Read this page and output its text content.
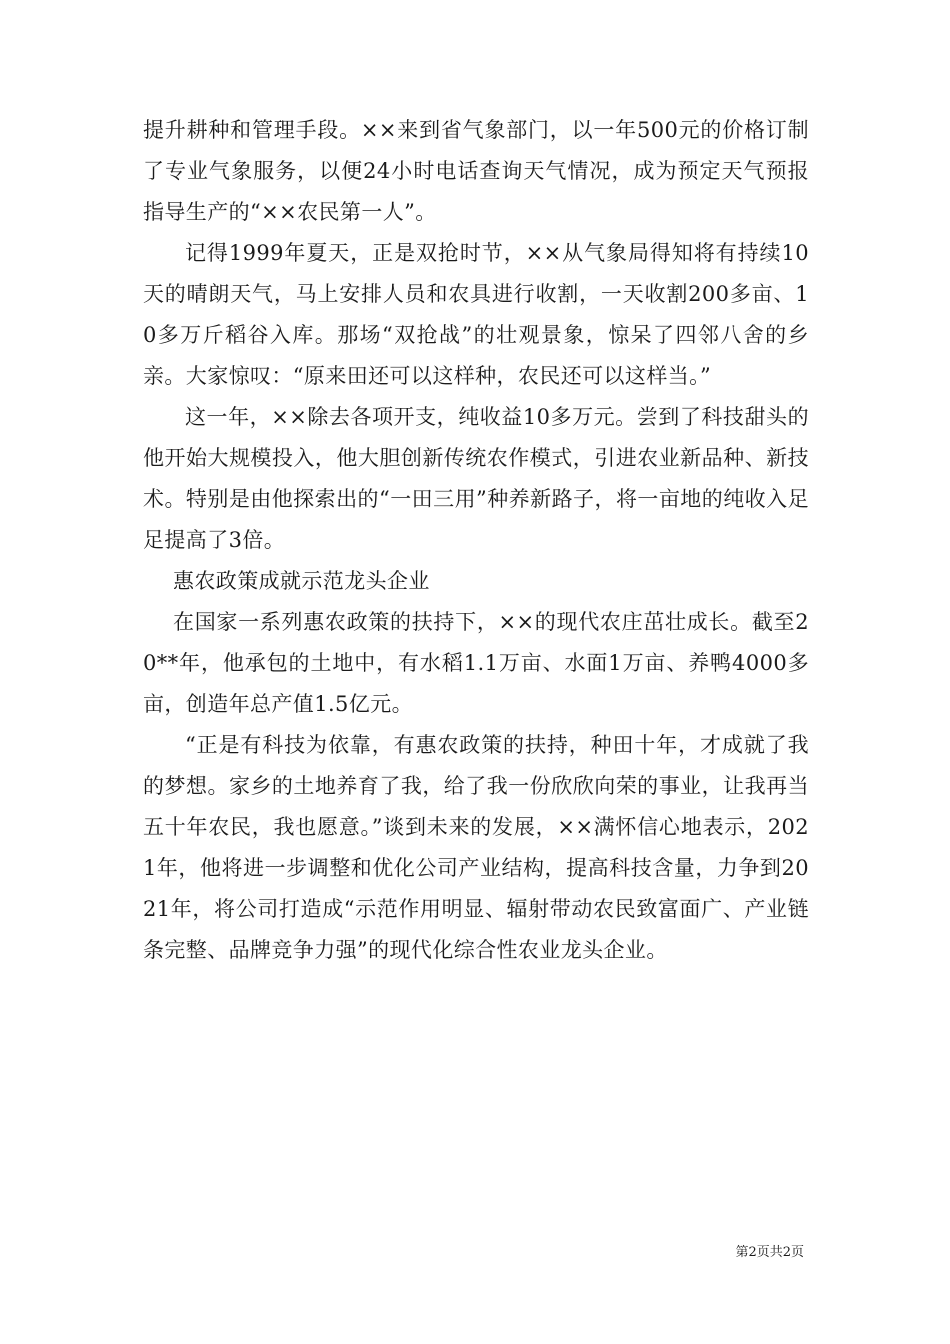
提升耕种和管理手段。××来到省气象部门，以一年500元的价格订制了专业气象服务，以便24小时电话查询天气情况，成为预定天气预报指导生产的“××农民第一人”。

记得1999年夏天，正是双抢时节，××从气象局得知将有持续10天的晴朗天气，马上安排人员和农具进行收割，一天收割200多亩、10多万斤稻谷入库。那场“双抢战”的壮观景象，惊呆了四邻八舍的乡亲。大家惊叹：“原来田还可以这样种，农民还可以这样当。”

这一年，××除去各项开支，纯收益10多万元。尝到了科技甜头的他开始大规模投入，他大胆创新传统农作模式，引进农业新品种、新技术。特别是由他探索出的“一田三用”种养新路子，将一亩地的纯收入足足提高了3倍。

惠农政策成就示范龙头企业

在国家一系列惠农政策的扶持下，××的现代农庄茁壮成长。截至20**年，他承包的土地中，有水稻1.1万亩、水面1万亩、养鸭4000多亩，创造年总产值1.5亿元。

“正是有科技为依靠，有惠农政策的扶持，种田十年，才成就了我的梦想。家乡的土地养育了我，给了我一份欣欣向荣的事业，让我再当五十年农民，我也愿意。”谈到未来的发展，××满怀信心地表示，2021年，他将进一步调整和优化公司产业结构，提高科技含量，力争到2021年，将公司打造成“示范作用明显、辐射带动农民致富面广、产业链条完整、品牌竞争力强”的现代化综合性农业龙头企业。

第2页共2页
